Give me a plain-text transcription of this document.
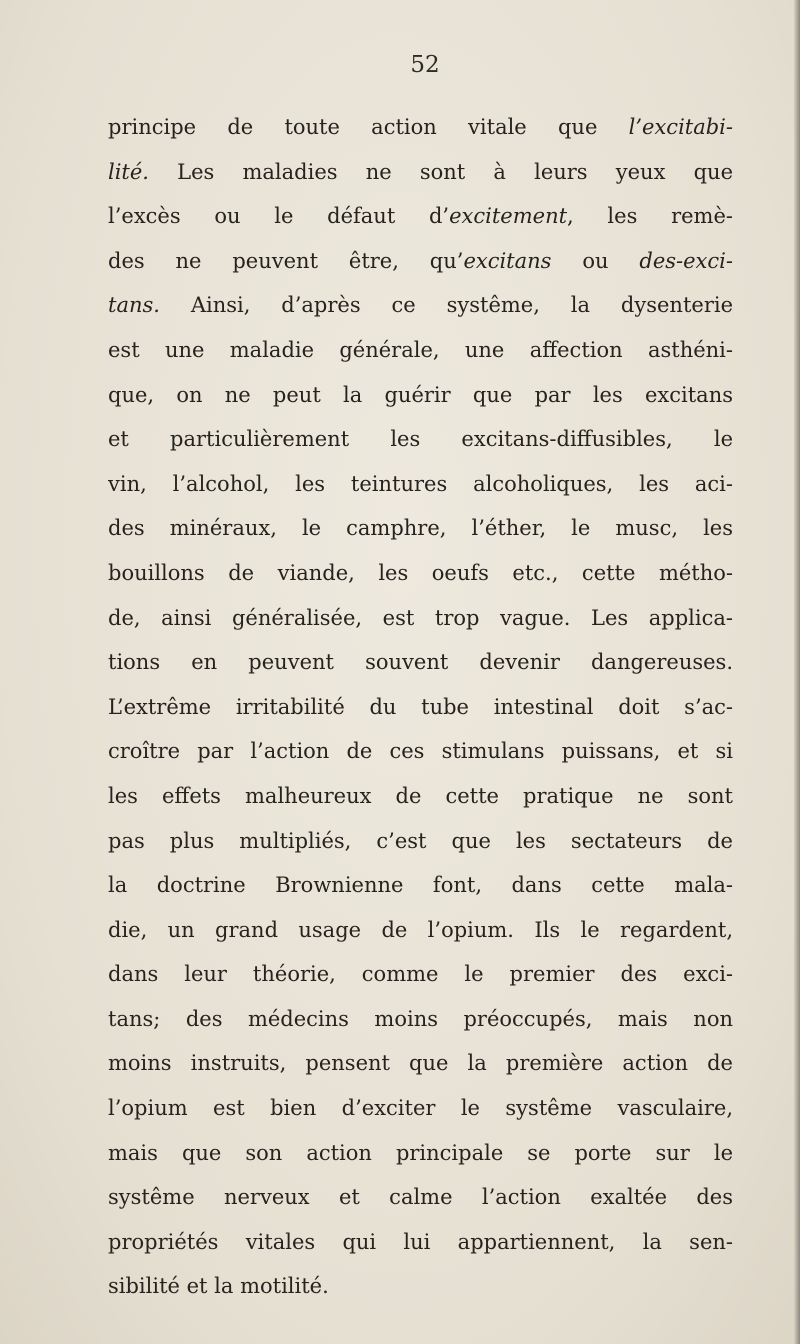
52
principe de toute action vitale que l’excitabi-
lité. Les maladies ne sont à leurs yeux que
l’excès ou le défaut d’excitement, les remè-
des ne peuvent être, qu’excitans ou des-exci-
tans. Ainsi, d’après ce systême, la dysenterie
est une maladie générale, une affection asthéni-
que, on ne peut la guérir que par les excitans
et particulièrement les excitans-diffusibles, le
vin, l’alcohol, les teintures alcoholiques, les aci-
des minéraux, le camphre, l’éther, le musc, les
bouillons de viande, les oeufs etc., cette métho-
de, ainsi généralisée, est trop vague. Les applica-
tions en peuvent souvent devenir dangereuses.
L’extrême irritabilité du tube intestinal doit s’ac-
croître par l’action de ces stimulans puissans, et si
les effets malheureux de cette pratique ne sont
pas plus multipliés, c’est que les sectateurs de
la doctrine Brownienne font, dans cette mala-
die, un grand usage de l’opium. Ils le regardent,
dans leur théorie, comme le premier des exci-
tans; des médecins moins préoccupés, mais non
moins instruits, pensent que la première action de
l’opium est bien d’exciter le systême vasculaire,
mais que son action principale se porte sur le
systême nerveux et calme l’action exaltée des
propriétés vitales qui lui appartiennent, la sen-
sibilité et la motilité.
